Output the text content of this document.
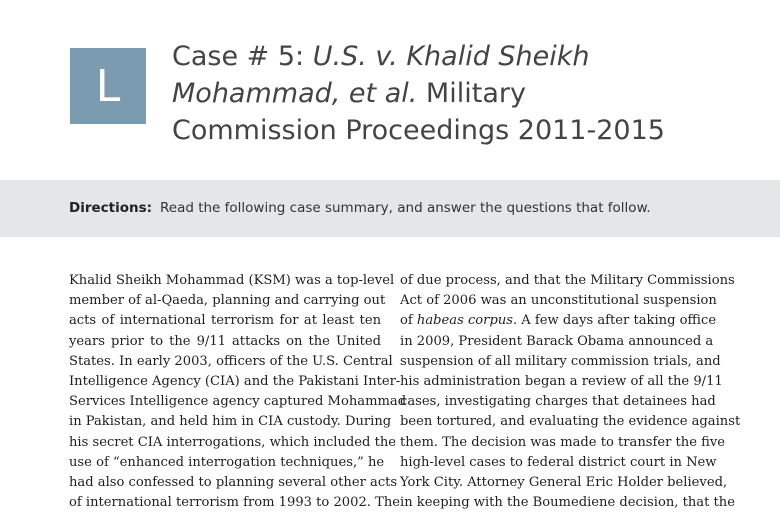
L
Case # 5: U.S. v. Khalid Sheikh
Mohammad, et al. Military
Commission Proceedings 2011-2015
Directions: Read the following case summary, and answer the questions that follow.
Khalid Sheikh Mohammad (KSM) was a top-level
member of al-Qaeda, planning and carrying out
acts of international terrorism for at least ten
years prior to the 9/11 attacks on the United
States. In early 2003, officers of the U.S. Central
Intelligence Agency (CIA) and the Pakistani Inter-
Services Intelligence agency captured Mohammad
in Pakistan, and held him in CIA custody. During
his secret CIA interrogations, which included the
use of “enhanced interrogation techniques,” he
had also confessed to planning several other acts
of international terrorism from 1993 to 2002. The
of due process, and that the Military Commissions
Act of 2006 was an unconstitutional suspension
of habeas corpus. A few days after taking office
in 2009, President Barack Obama announced a
suspension of all military commission trials, and
his administration began a review of all the 9/11
cases, investigating charges that detainees had
been tortured, and evaluating the evidence against
them. The decision was made to transfer the five
high-level cases to federal district court in New
York City. Attorney General Eric Holder believed,
in keeping with the Boumediene decision, that the
